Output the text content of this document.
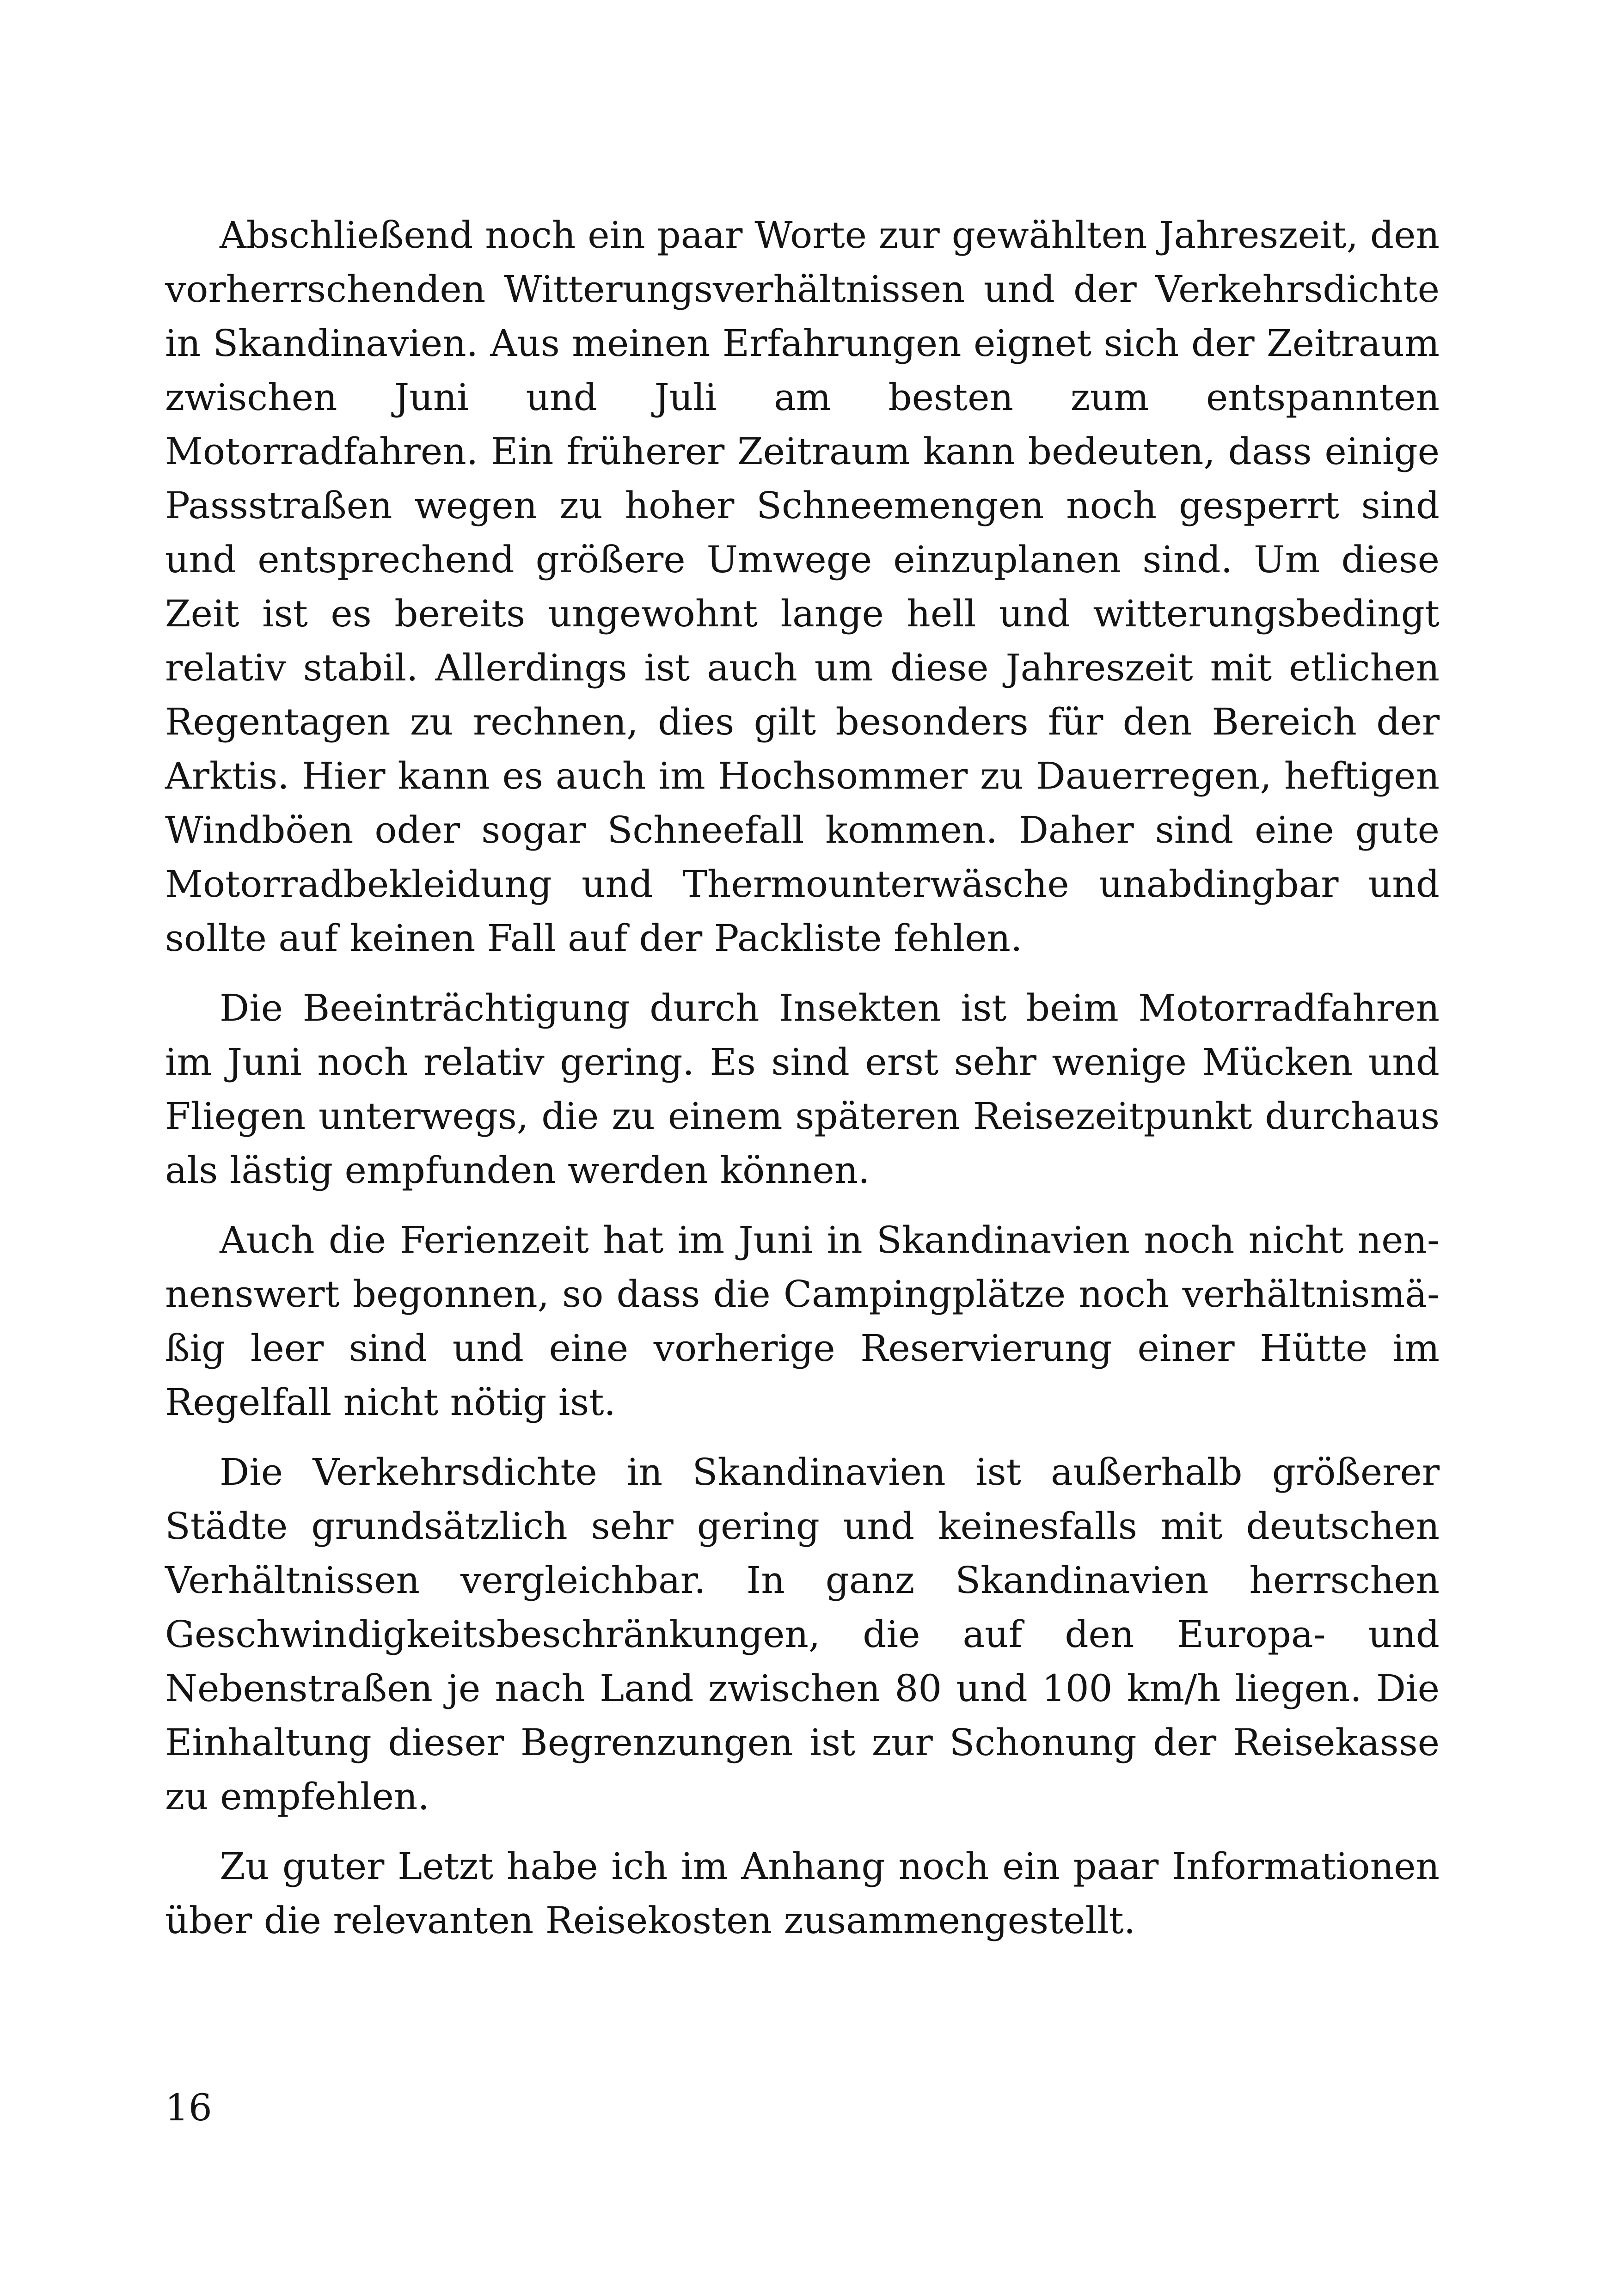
Abschließend noch ein paar Worte zur gewählten Jahreszeit, den vorherrschenden Witterungsverhältnissen und der Verkehrsdichte in Skandinavien. Aus meinen Erfahrungen eignet sich der Zeitraum zwischen Juni und Juli am besten zum entspannten Motorradfahren. Ein früherer Zeitraum kann bedeuten, dass einige Passstraßen wegen zu hoher Schneemengen noch gesperrt sind und entsprechend größere Umwege einzuplanen sind. Um diese Zeit ist es bereits ungewohnt lange hell und witterungsbedingt relativ stabil. Allerdings ist auch um diese Jahreszeit mit etlichen Regentagen zu rechnen, dies gilt besonders für den Bereich der Arktis. Hier kann es auch im Hochsommer zu Dauerregen, heftigen Windböen oder sogar Schneefall kommen. Daher sind eine gute Motorradbekleidung und Thermounterwäsche unabdingbar und sollte auf keinen Fall auf der Packliste fehlen.

Die Beeinträchtigung durch Insekten ist beim Motorradfahren im Juni noch relativ gering. Es sind erst sehr wenige Mücken und Fliegen unterwegs, die zu einem späteren Reisezeitpunkt durchaus als lästig empfunden werden können.

Auch die Ferienzeit hat im Juni in Skandinavien noch nicht nennenswert begonnen, so dass die Campingplätze noch verhältnismäßig leer sind und eine vorherige Reservierung einer Hütte im Regelfall nicht nötig ist.

Die Verkehrsdichte in Skandinavien ist außerhalb größerer Städte grundsätzlich sehr gering und keinesfalls mit deutschen Verhältnissen vergleichbar. In ganz Skandinavien herrschen Geschwindigkeitsbeschränkungen, die auf den Europa- und Nebenstraßen je nach Land zwischen 80 und 100 km/h liegen. Die Einhaltung dieser Begrenzungen ist zur Schonung der Reisekasse zu empfehlen.

Zu guter Letzt habe ich im Anhang noch ein paar Informationen über die relevanten Reisekosten zusammengestellt.

16
